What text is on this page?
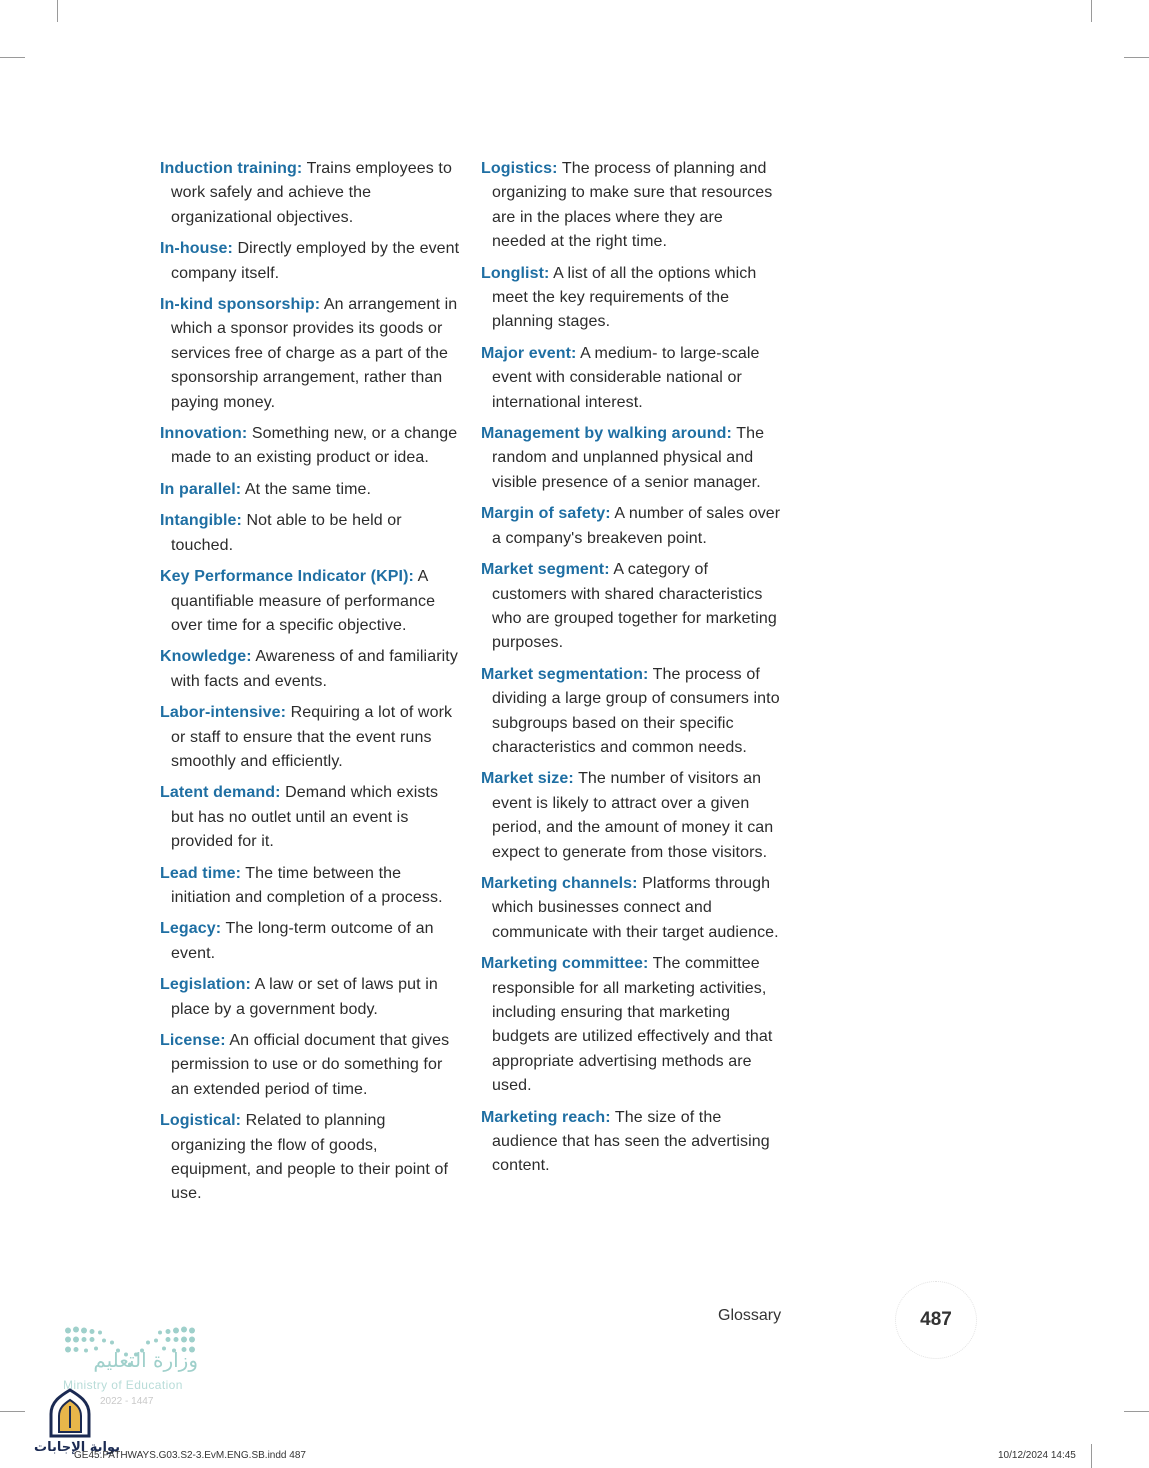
Induction training: Trains employees to work safely and achieve the organizational objectives.

In-house: Directly employed by the event company itself.

In-kind sponsorship: An arrangement in which a sponsor provides its goods or services free of charge as a part of the sponsorship arrangement, rather than paying money.

Innovation: Something new, or a change made to an existing product or idea.

In parallel: At the same time.

Intangible: Not able to be held or touched.

Key Performance Indicator (KPI): A quantifiable measure of performance over time for a specific objective.

Knowledge: Awareness of and familiarity with facts and events.

Labor-intensive: Requiring a lot of work or staff to ensure that the event runs smoothly and efficiently.

Latent demand: Demand which exists but has no outlet until an event is provided for it.

Lead time: The time between the initiation and completion of a process.

Legacy: The long-term outcome of an event.

Legislation: A law or set of laws put in place by a government body.

License: An official document that gives permission to use or do something for an extended period of time.

Logistical: Related to planning organizing the flow of goods, equipment, and people to their point of use.

Logistics: The process of planning and organizing to make sure that resources are in the places where they are needed at the right time.

Longlist: A list of all the options which meet the key requirements of the planning stages.

Major event: A medium- to large-scale event with considerable national or international interest.

Management by walking around: The random and unplanned physical and visible presence of a senior manager.

Margin of safety: A number of sales over a company's breakeven point.

Market segment: A category of customers with shared characteristics who are grouped together for marketing purposes.

Market segmentation: The process of dividing a large group of consumers into subgroups based on their specific characteristics and common needs.

Market size: The number of visitors an event is likely to attract over a given period, and the amount of money it can expect to generate from those visitors.

Marketing channels: Platforms through which businesses connect and communicate with their target audience.

Marketing committee: The committee responsible for all marketing activities, including ensuring that marketing budgets are utilized effectively and that appropriate advertising methods are used.

Marketing reach: The size of the audience that has seen the advertising content.

Glossary	487
وزارة التعليم
Ministry of Education
2022 - 1447
بوابة الإجابات
GE45.PATHWAYS.G03.S2-3.EvM.ENG.SB.indd 487	10/12/2024 14:45
